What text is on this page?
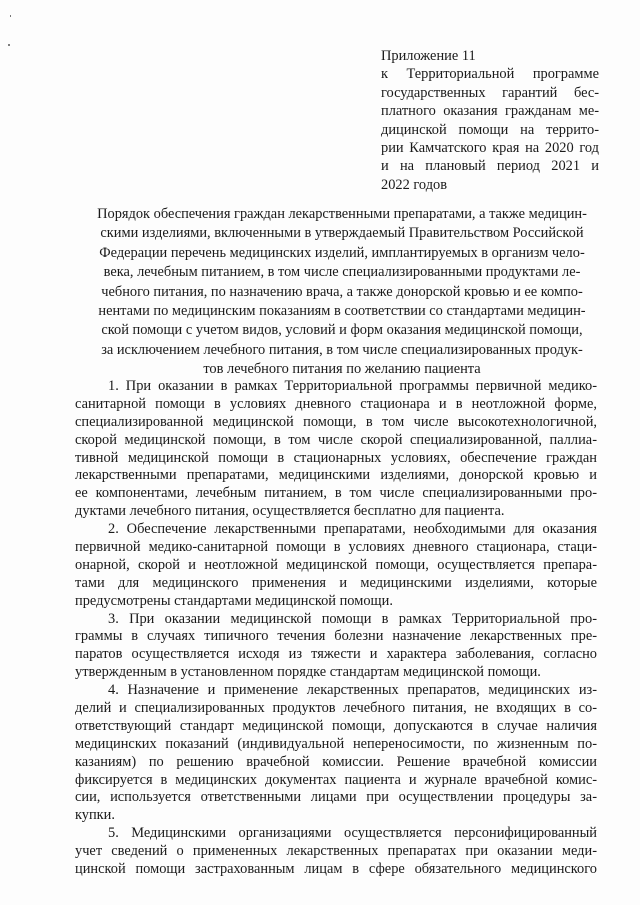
Приложение 11
к Территориальной программе
государственных гарантий бес-
платного оказания гражданам ме-
дицинской помощи на террито-
рии Камчатского края на 2020 год
и на плановый период 2021 и
2022 годов
Порядок обеспечения граждан лекарственными препаратами, а также медицин-
скими изделиями, включенными в утверждаемый Правительством Российской
Федерации перечень медицинских изделий, имплантируемых в организм чело-
века, лечебным питанием, в том числе специализированными продуктами ле-
чебного питания, по назначению врача, а также донорской кровью и ее компо-
нентами по медицинским показаниям в соответствии со стандартами медицин-
ской помощи с учетом видов, условий и форм оказания медицинской помощи,
за исключением лечебного питания, в том числе специализированных продук-
тов лечебного питания по желанию пациента
1. При оказании в рамках Территориальной программы первичной медико-
санитарной помощи в условиях дневного стационара и в неотложной форме,
специализированной медицинской помощи, в том числе высокотехнологичной,
скорой медицинской помощи, в том числе скорой специализированной, паллиа-
тивной медицинской помощи в стационарных условиях, обеспечение граждан
лекарственными препаратами, медицинскими изделиями, донорской кровью и
ее компонентами, лечебным питанием, в том числе специализированными про-
дуктами лечебного питания, осуществляется бесплатно для пациента.
2. Обеспечение лекарственными препаратами, необходимыми для оказания
первичной медико-санитарной помощи в условиях дневного стационара, стаци-
онарной, скорой и неотложной медицинской помощи, осуществляется препара-
тами для медицинского применения и медицинскими изделиями, которые
предусмотрены стандартами медицинской помощи.
3. При оказании медицинской помощи в рамках Территориальной про-
граммы в случаях типичного течения болезни назначение лекарственных пре-
паратов осуществляется исходя из тяжести и характера заболевания, согласно
утвержденным в установленном порядке стандартам медицинской помощи.
4. Назначение и применение лекарственных препаратов, медицинских из-
делий и специализированных продуктов лечебного питания, не входящих в со-
ответствующий стандарт медицинской помощи, допускаются в случае наличия
медицинских показаний (индивидуальной непереносимости, по жизненным по-
казаниям) по решению врачебной комиссии. Решение врачебной комиссии
фиксируется в медицинских документах пациента и журнале врачебной комис-
сии, используется ответственными лицами при осуществлении процедуры за-
купки.
5. Медицинскими организациями осуществляется персонифицированный
учет сведений о примененных лекарственных препаратах при оказании меди-
цинской помощи застрахованным лицам в сфере обязательного медицинского
